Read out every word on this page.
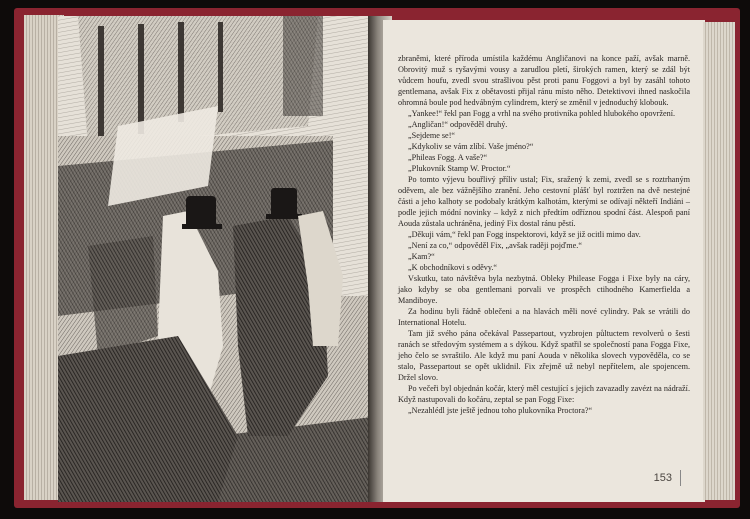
zbraněmi, které příroda umístila každému Angličanovi na konce paží, avšak marně. Obrovitý muž s ryšavými vousy a zarudlou pletí, širokých ramen, který se zdál být vůdcem houfu, zvedl svou strašlivou pěst proti panu Foggovi a byl by zasáhl tohoto gentlemana, avšak Fix z obětavosti přijal ránu místo něho. Detektivovi ihned naskočila ohromná boule pod hedvábným cylindrem, který se změnil v jednoduchý klobouk.

„Yankee!“ řekl pan Fogg a vrhl na svého protivníka pohled hlubokého opovržení.

„Angličan!“ odpověděl druhý.

„Sejdeme se!“

„Kdykoliv se vám zlíbí. Vaše jméno?“

„Phileas Fogg. A vaše?“

„Plukovník Stamp W. Proctor.“

Po tomto výjevu bouřlivý příliv ustal; Fix, sražený k zemi, zvedl se s roztrhaným oděvem, ale bez vážnějšího zranění. Jeho cestovní plášť byl roztržen na dvě nestejné části a jeho kalhoty se podobaly krátkým kalhotám, kterými se odívají někteří Indiáni – podle jejich módní novinky – když z nich předtím odříznou spodní část. Alespoň paní Aouda zůstala uchráněna, jediný Fix dostal ránu pěstí.

„Děkuji vám,“ řekl pan Fogg inspektorovi, když se již ocitli mimo dav.

„Není za co,“ odpověděl Fix, „avšak raději pojďme.“

„Kam?“

„K obchodníkovi s oděvy.“

Vskutku, tato návštěva byla nezbytná. Obleky Philease Fogga i Fixe byly na cáry, jako kdyby se oba gentlemani porvali ve prospěch ctihodného Kamerfielda a Mandiboye.

Za hodinu byli řádně oblečeni a na hlavách měli nové cylindry. Pak se vrátili do International Hotelu.

Tam již svého pána očekával Passepartout, vyzbrojen půltuctem revolverů o šesti ranách se středovým systémem a s dýkou. Když spatřil se společností pana Fogga Fixe, jeho čelo se svraštilo. Ale když mu paní Aouda v několika slovech vypověděla, co se stalo, Passepartout se opět uklidnil. Fix zřejmě už nebyl nepřítelem, ale spojencem. Držel slovo.

Po večeři byl objednán kočár, který měl cestující s jejich zavazadly zavézt na nádraží. Když nastupovali do kočáru, zeptal se pan Fogg Fixe:

„Nezahlédl jste ještě jednou toho plukovníka Proctora?“

153
